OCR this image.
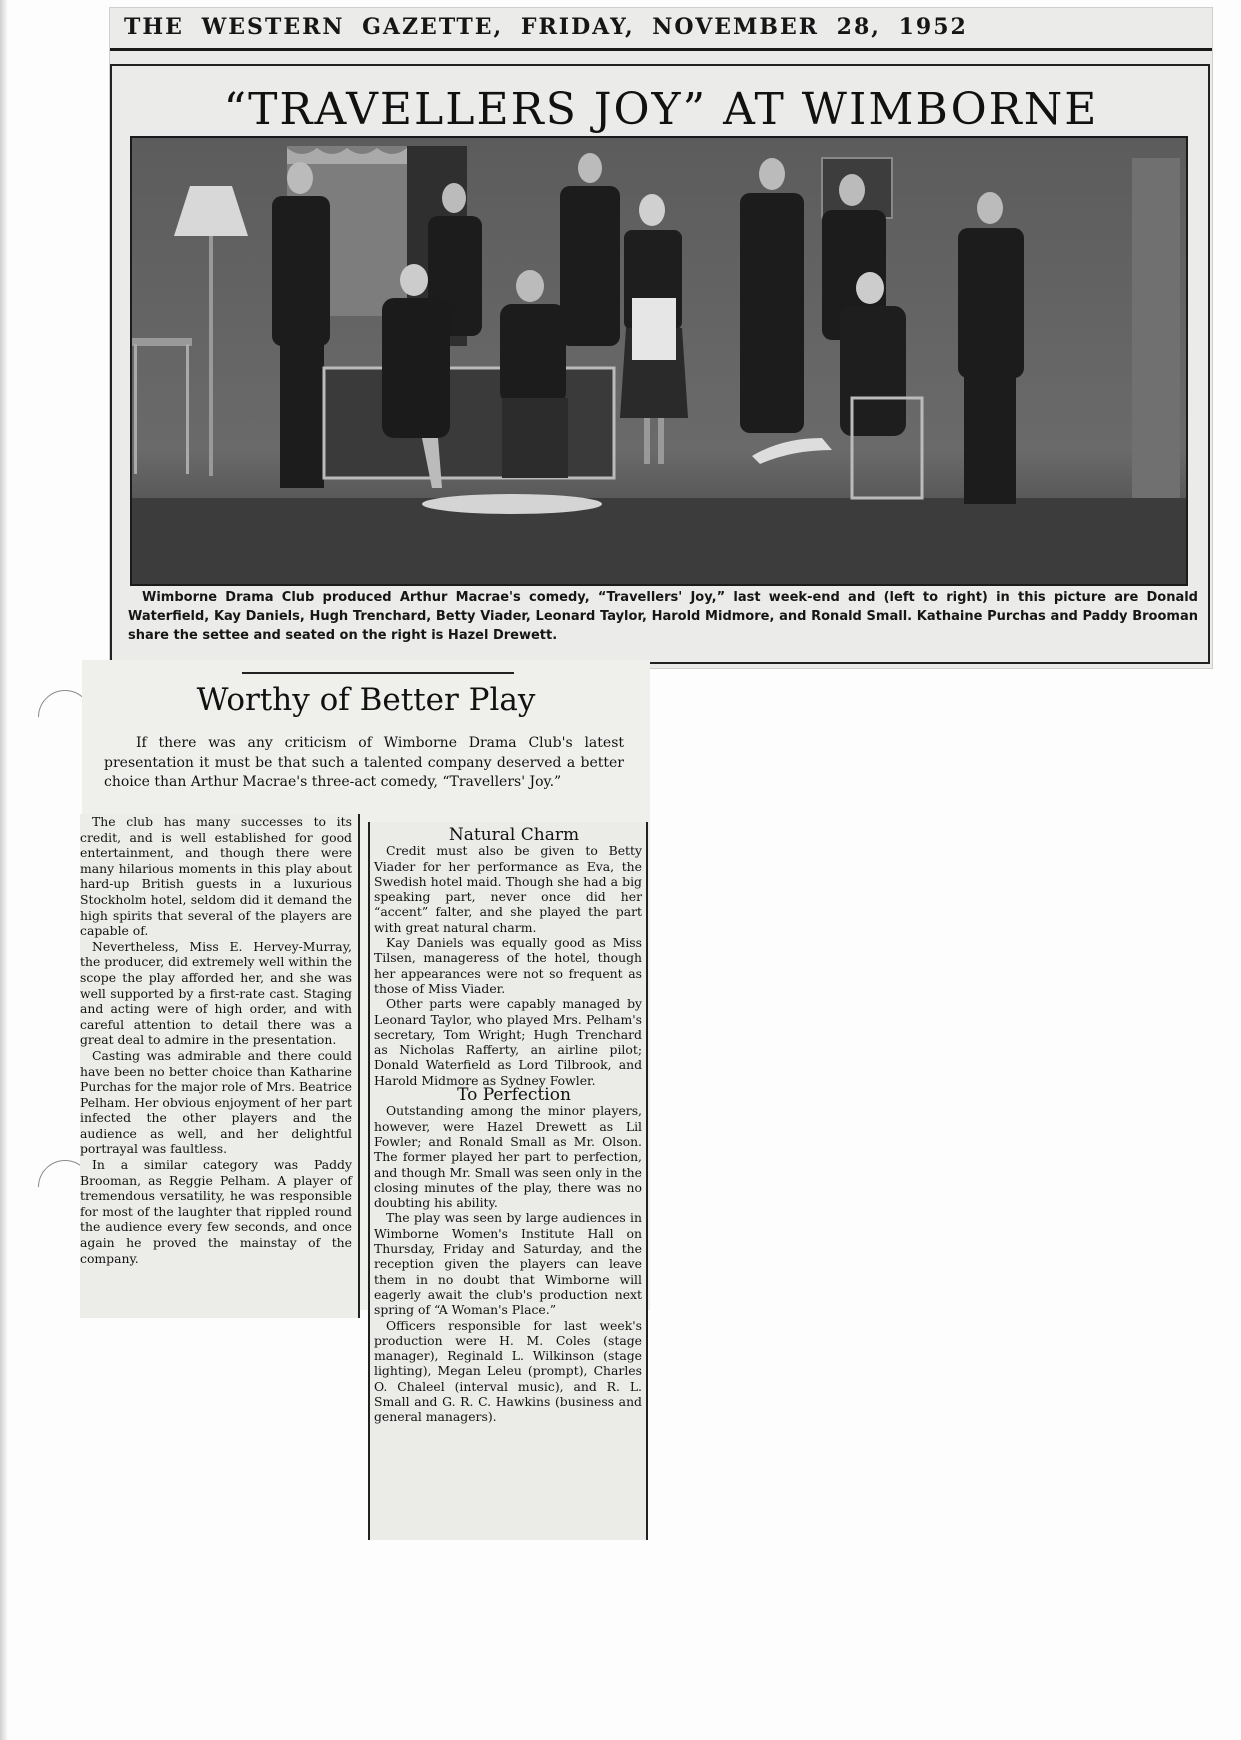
THE WESTERN GAZETTE, FRIDAY, NOVEMBER 28, 1952
“TRAVELLERS JOY” AT WIMBORNE
Wimborne Drama Club produced Arthur Macrae's comedy, “Travellers' Joy,” last week-end and (left to right) in this picture are Donald Waterfield, Kay Daniels, Hugh Trenchard, Betty Viader, Leonard Taylor, Harold Midmore, and Ronald Small. Kathaine Purchas and Paddy Brooman share the settee and seated on the right is Hazel Drewett.
Worthy of Better Play
If there was any criticism of Wimborne Drama Club's latest presentation it must be that such a talented company deserved a better choice than Arthur Macrae's three-act comedy, “Travellers' Joy.”

The club has many successes to its credit, and is well established for good entertainment, and though there were many hilarious moments in this play about hard-up British guests in a luxurious Stockholm hotel, seldom did it demand the high spirits that several of the players are capable of.

Nevertheless, Miss E. Hervey-Murray, the producer, did extremely well within the scope the play afforded her, and she was well supported by a first-rate cast. Staging and acting were of high order, and with careful attention to detail there was a great deal to admire in the presentation.

Casting was admirable and there could have been no better choice than Katharine Purchas for the major role of Mrs. Beatrice Pelham. Her obvious enjoyment of her part infected the other players and the audience as well, and her delightful portrayal was faultless.

In a similar category was Paddy Brooman, as Reggie Pelham. A player of tremendous versatility, he was responsible for most of the laughter that rippled round the audience every few seconds, and once again he proved the mainstay of the company.

Natural Charm

Credit must also be given to Betty Viader for her performance as Eva, the Swedish hotel maid. Though she had a big speaking part, never once did her “accent” falter, and she played the part with great natural charm.

Kay Daniels was equally good as Miss Tilsen, manageress of the hotel, though her appearances were not so frequent as those of Miss Viader.

Other parts were capably managed by Leonard Taylor, who played Mrs. Pelham's secretary, Tom Wright; Hugh Trenchard as Nicholas Rafferty, an airline pilot; Donald Waterfield as Lord Tilbrook, and Harold Midmore as Sydney Fowler.

To Perfection

Outstanding among the minor players, however, were Hazel Drewett as Lil Fowler; and Ronald Small as Mr. Olson. The former played her part to perfection, and though Mr. Small was seen only in the closing minutes of the play, there was no doubting his ability.

The play was seen by large audiences in Wimborne Women's Institute Hall on Thursday, Friday and Saturday, and the reception given the players can leave them in no doubt that Wimborne will eagerly await the club's production next spring of “A Woman's Place.”

Officers responsible for last week's production were H. M. Coles (stage manager), Reginald L. Wilkinson (stage lighting), Megan Leleu (prompt), Charles O. Chaleel (interval music), and R. L. Small and G. R. C. Hawkins (business and general managers).
